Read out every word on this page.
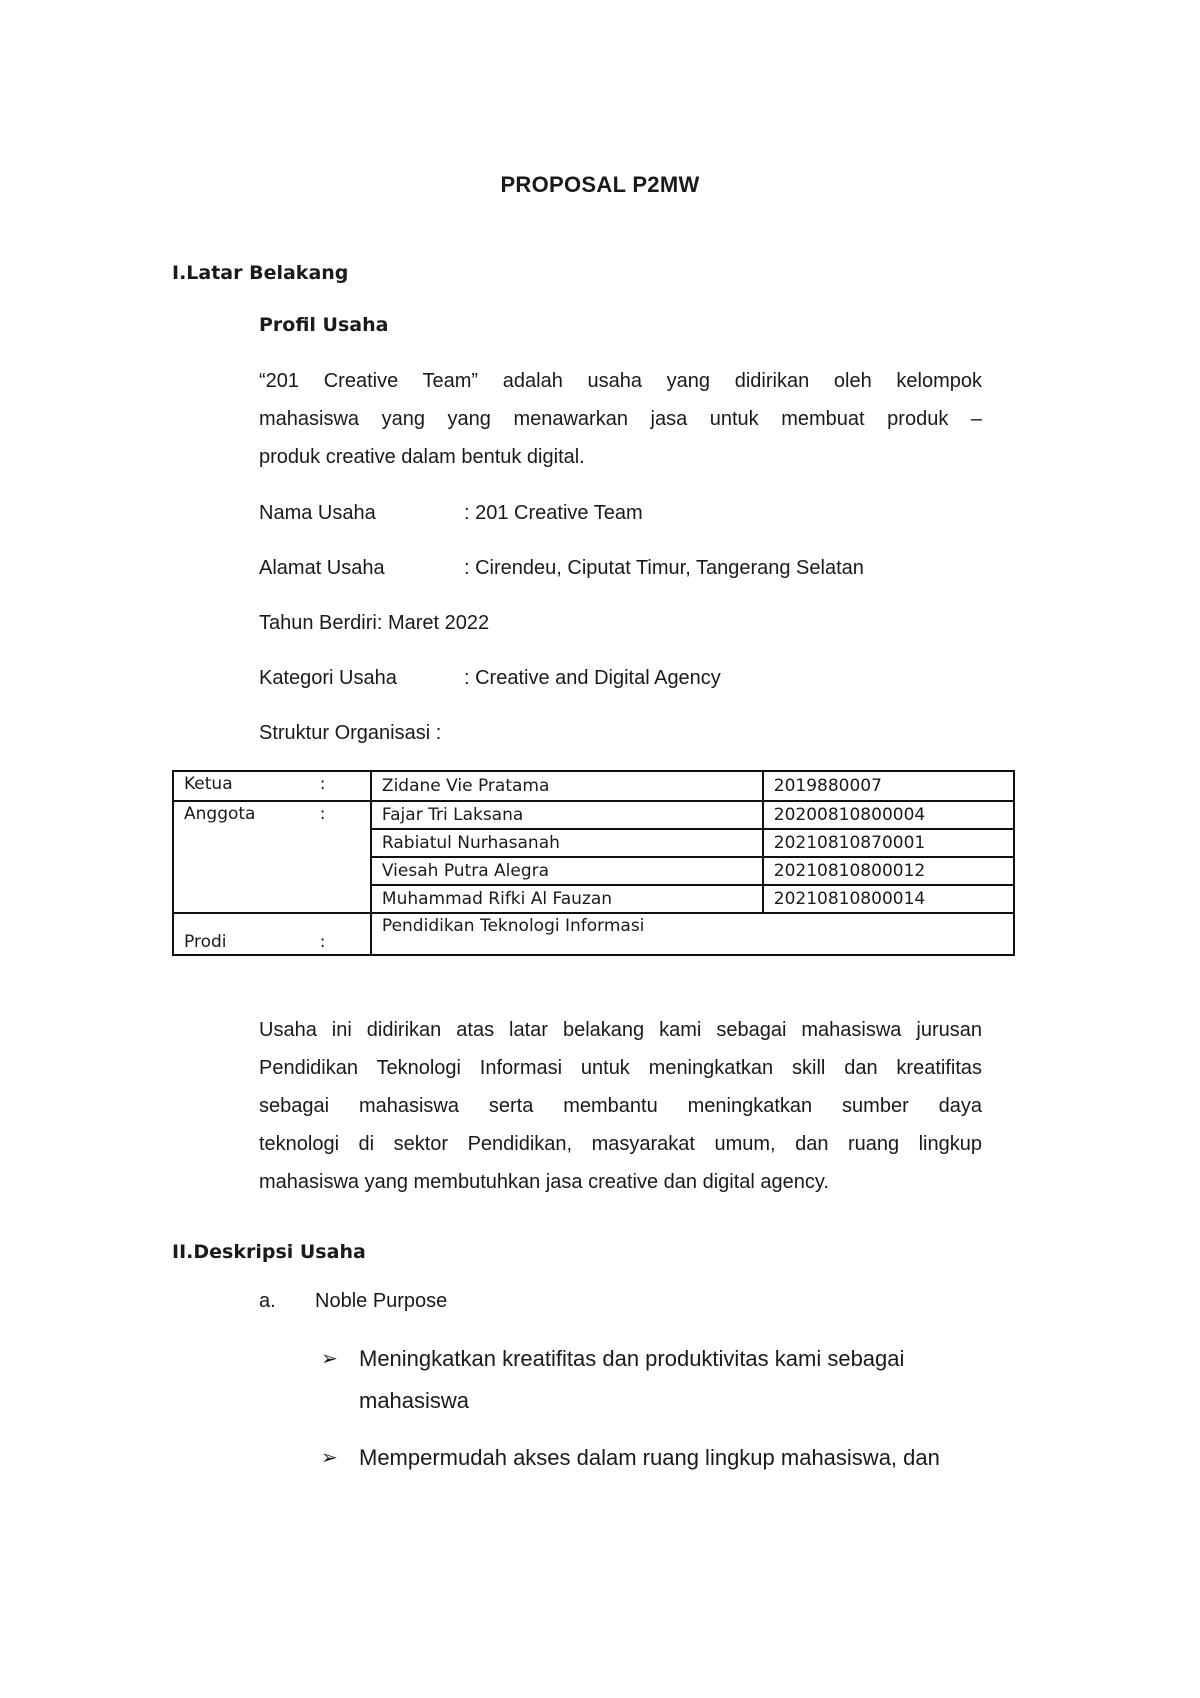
PROPOSAL P2MW
I.Latar Belakang
Profil Usaha
“201 Creative Team” adalah usaha yang didirikan oleh kelompok
mahasiswa yang yang menawarkan jasa untuk membuat produk –
produk creative dalam bentuk digital.
Nama Usaha	: 201 Creative Team
Alamat Usaha	: Cirendeu, Ciputat Timur, Tangerang Selatan
Tahun Berdiri: Maret 2022
Kategori Usaha	: Creative and Digital Agency
Struktur Organisasi :
Ketua	:	Zidane Vie Pratama	2019880007
Anggota	:	Fajar Tri Laksana	20200810800004
		Rabiatul Nurhasanah	20210810870001
		Viesah Putra Alegra	20210810800012
		Muhammad Rifki Al Fauzan	20210810800014
Prodi	:	Pendidikan Teknologi Informasi	
Usaha ini didirikan atas latar belakang kami sebagai mahasiswa jurusan
Pendidikan Teknologi Informasi untuk meningkatkan skill dan kreatifitas
sebagai mahasiswa serta membantu meningkatkan sumber daya
teknologi di sektor Pendidikan, masyarakat umum, dan ruang lingkup
mahasiswa yang membutuhkan jasa creative dan digital agency.
II.Deskripsi Usaha
a. Noble Purpose
➢ Meningkatkan kreatifitas dan produktivitas kami sebagai
mahasiswa
➢ Mempermudah akses dalam ruang lingkup mahasiswa, dan
